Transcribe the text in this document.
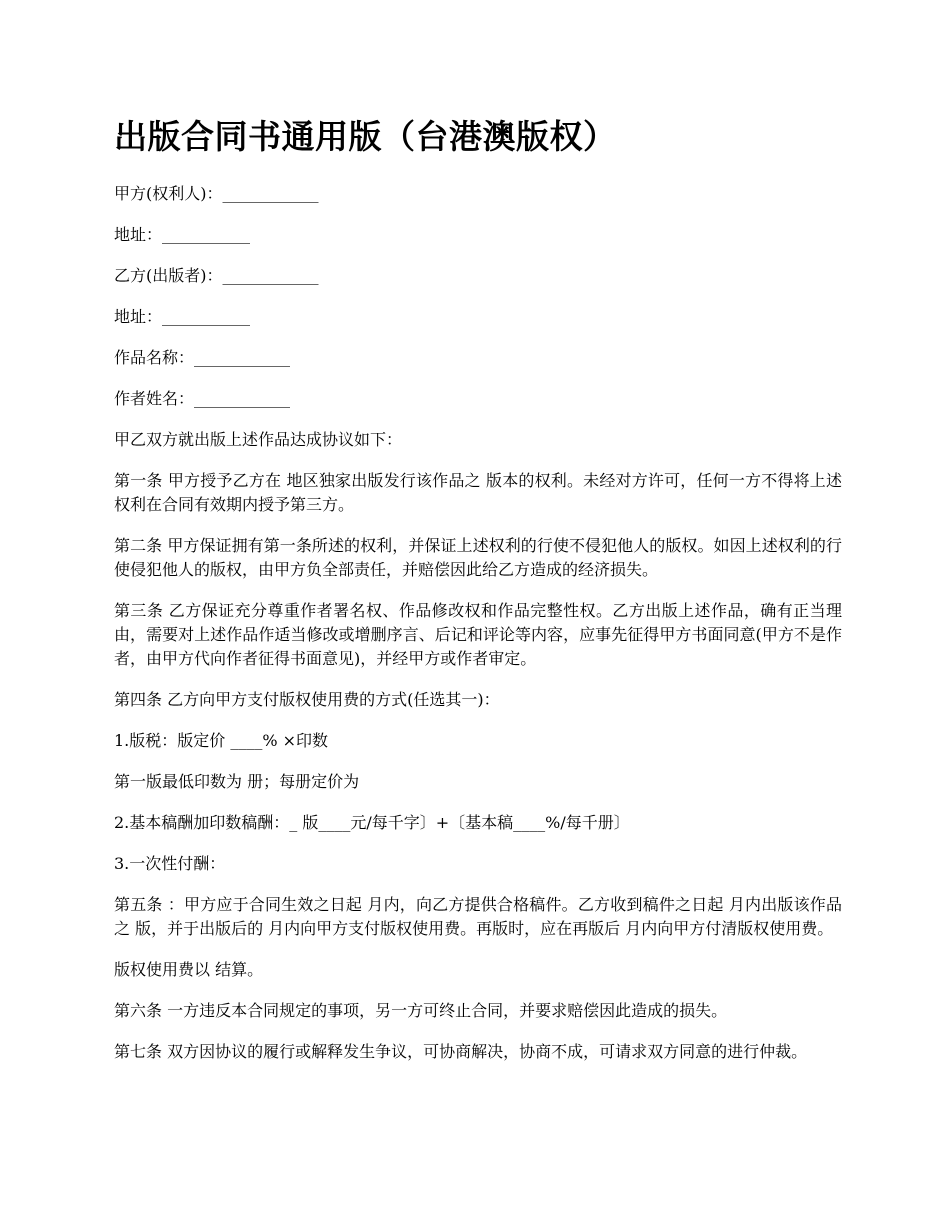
出版合同书通用版（台港澳版权）

甲方(权利人)：____________

地址：___________

乙方(出版者)：____________

地址：___________

作品名称：____________

作者姓名：____________

甲乙双方就出版上述作品达成协议如下：

第一条 甲方授予乙方在 地区独家出版发行该作品之 版本的权利。未经对方许可，任何一方不得将上述权利在合同有效期内授予第三方。

第二条 甲方保证拥有第一条所述的权利，并保证上述权利的行使不侵犯他人的版权。如因上述权利的行使侵犯他人的版权，由甲方负全部责任，并赔偿因此给乙方造成的经济损失。

第三条 乙方保证充分尊重作者署名权、作品修改权和作品完整性权。乙方出版上述作品，确有正当理由，需要对上述作品作适当修改或增删序言、后记和评论等内容，应事先征得甲方书面同意(甲方不是作者，由甲方代向作者征得书面意见)，并经甲方或作者审定。

第四条 乙方向甲方支付版权使用费的方式(任选其一)：

1.版税：版定价 ____% ×印数

第一版最低印数为 册；每册定价为

2.基本稿酬加印数稿酬：_ 版____元/每千字〕+〔基本稿____%/每千册〕

3.一次性付酬：

第五条 ：甲方应于合同生效之日起 月内，向乙方提供合格稿件。乙方收到稿件之日起 月内出版该作品之 版，并于出版后的 月内向甲方支付版权使用费。再版时，应在再版后 月内向甲方付清版权使用费。

版权使用费以 结算。

第六条 一方违反本合同规定的事项，另一方可终止合同，并要求赔偿因此造成的损失。

第七条 双方因协议的履行或解释发生争议，可协商解决，协商不成，可请求双方同意的进行仲裁。
